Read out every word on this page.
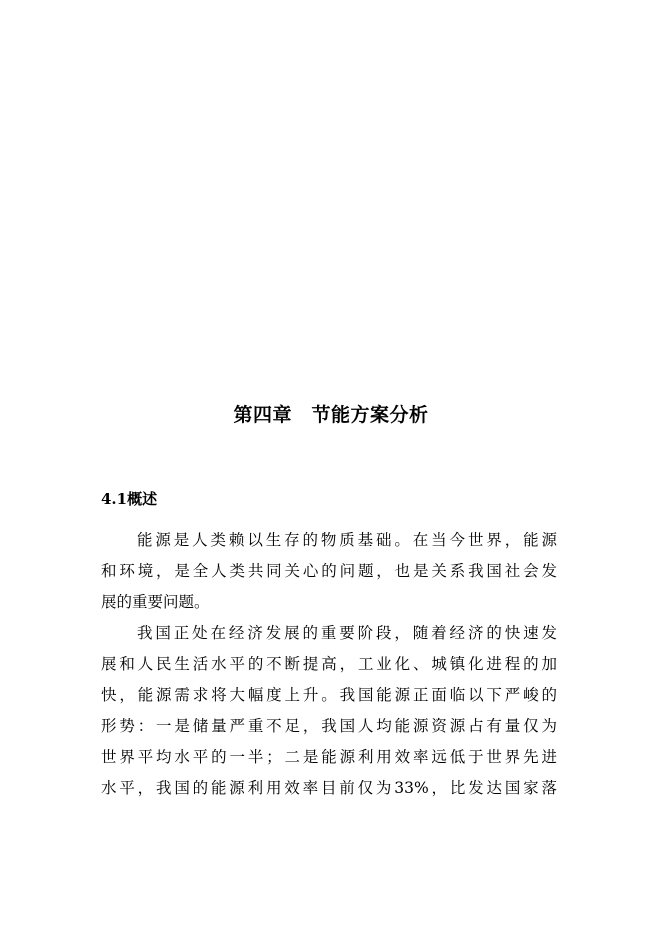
第四章　节能方案分析
4.1概述
能源是人类赖以生存的物质基础。在当今世界，能源
和环境，是全人类共同关心的问题，也是关系我国社会发
展的重要问题。
我国正处在经济发展的重要阶段，随着经济的快速发
展和人民生活水平的不断提高，工业化、城镇化进程的加
快，能源需求将大幅度上升。我国能源正面临以下严峻的
形势：一是储量严重不足，我国人均能源资源占有量仅为
世界平均水平的一半；二是能源利用效率远低于世界先进
水平，我国的能源利用效率目前仅为33%，比发达国家落
